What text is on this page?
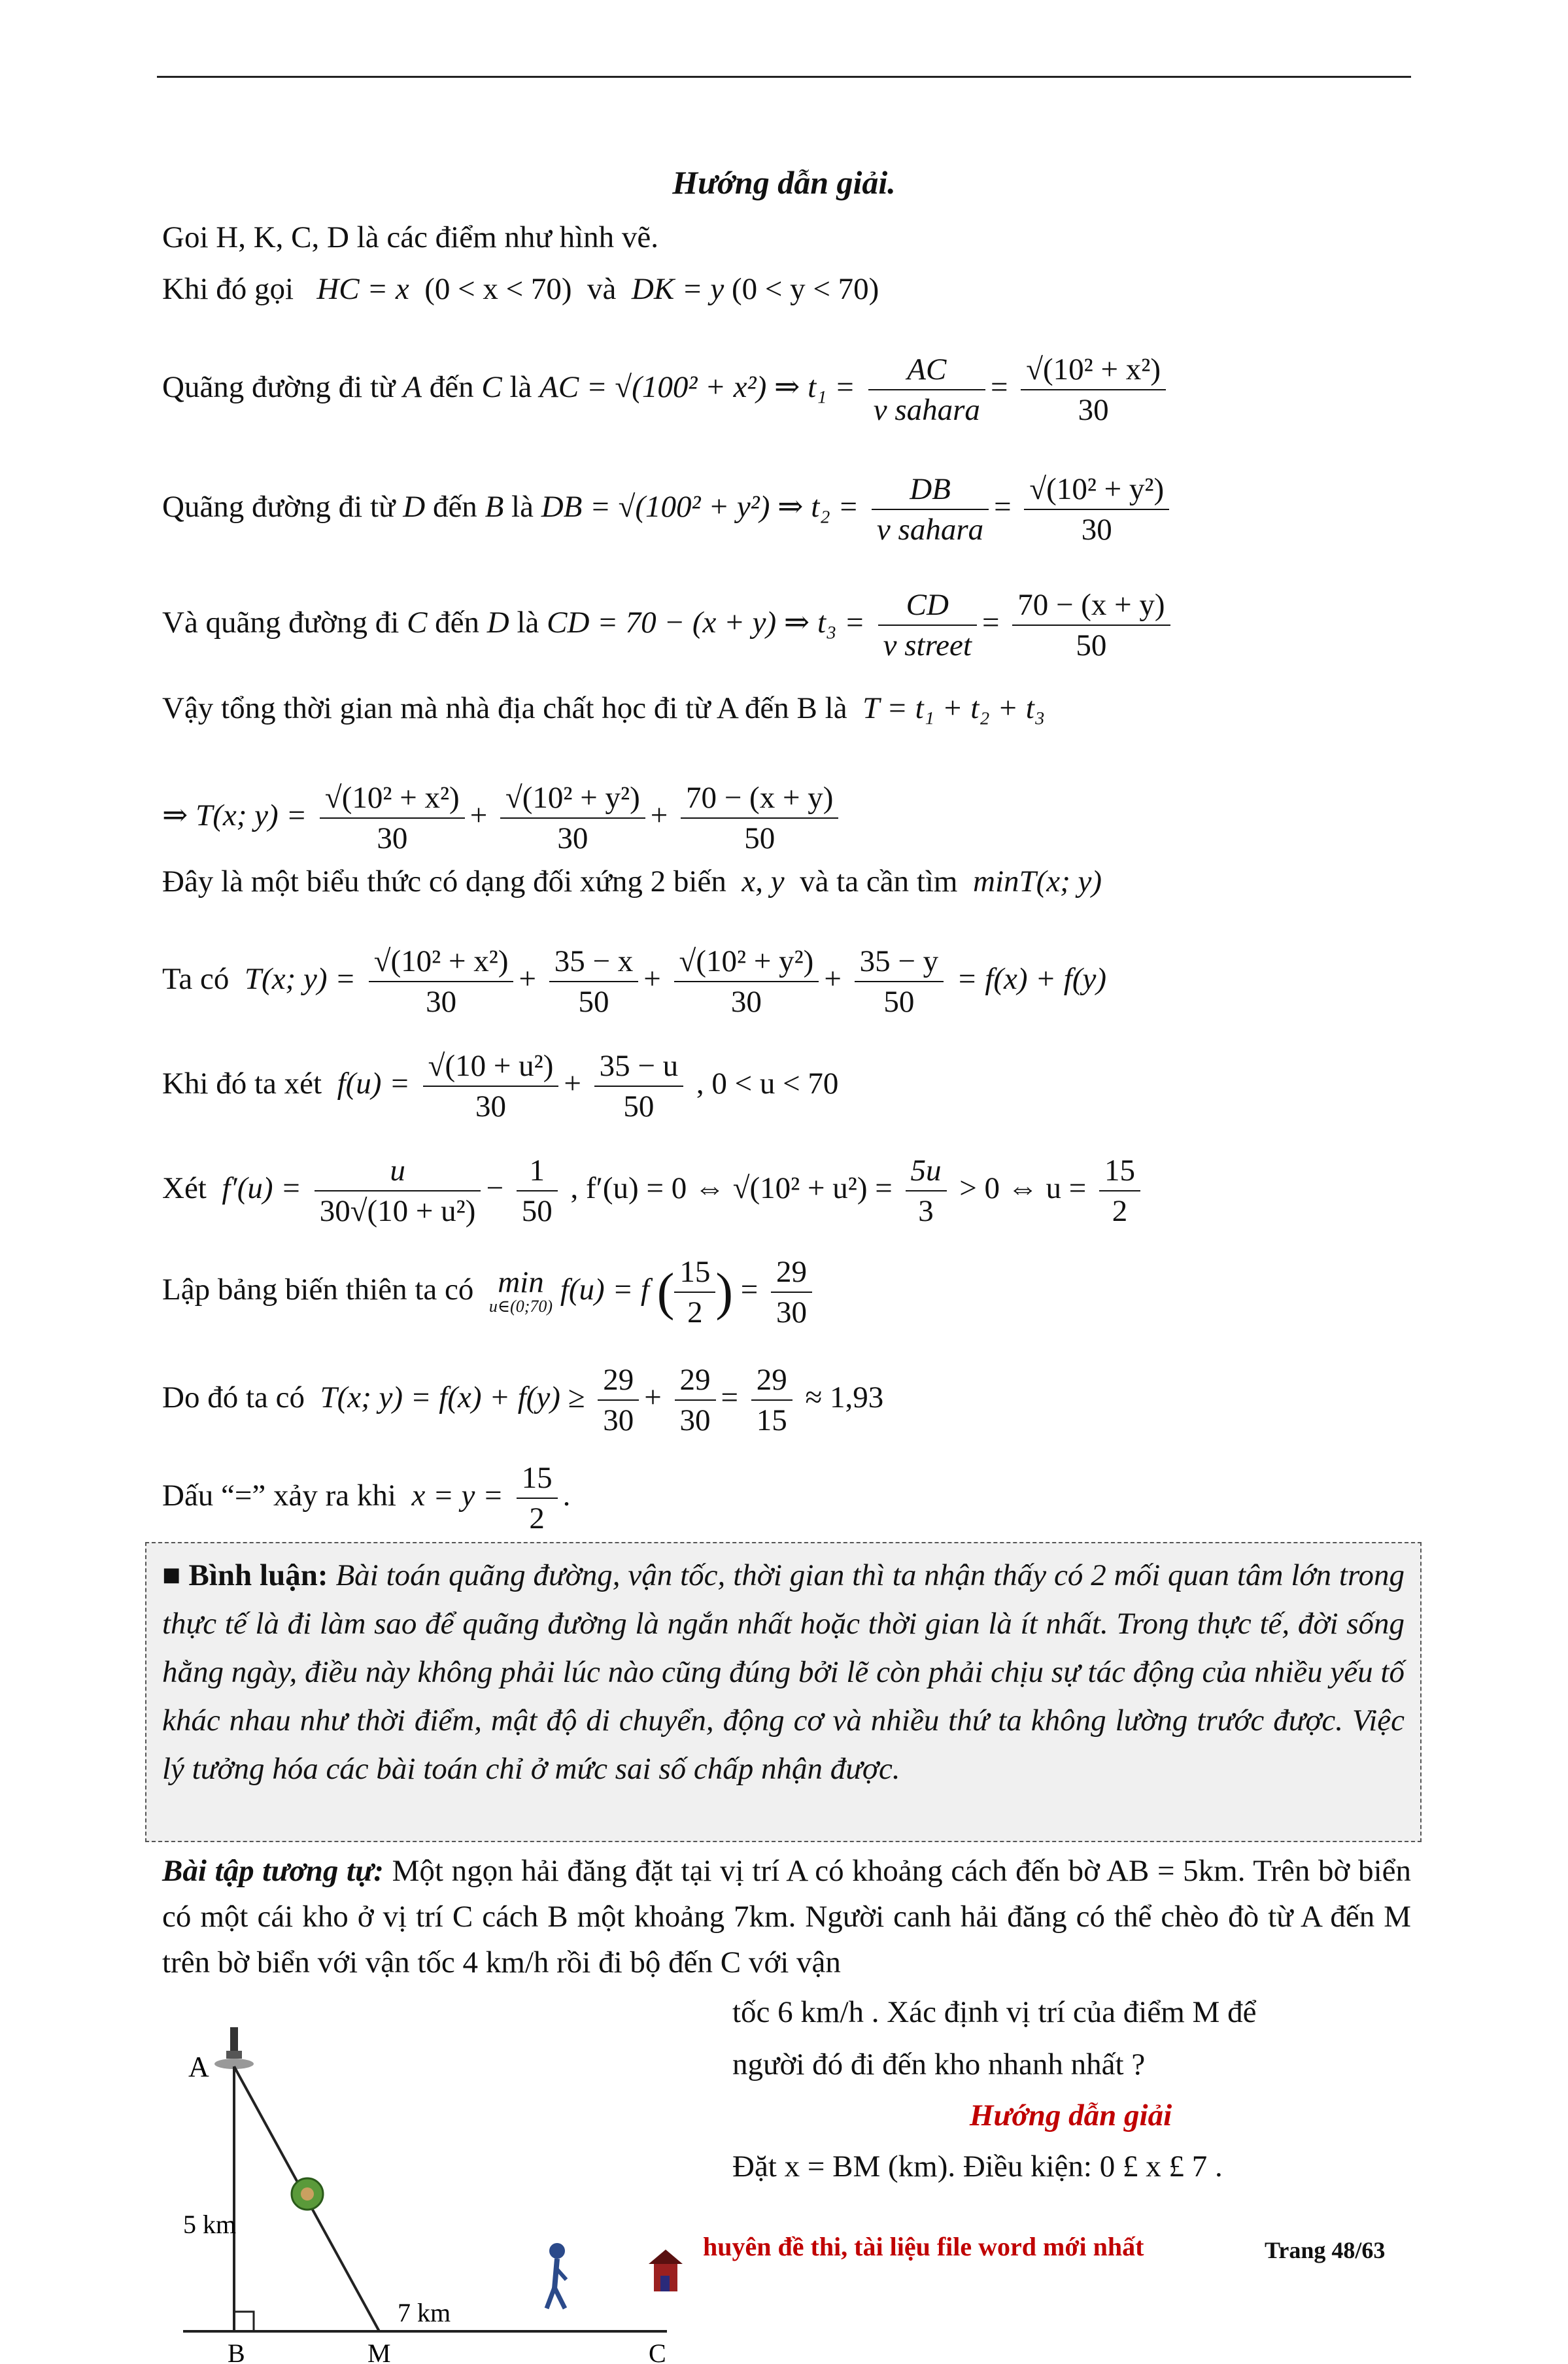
Hướng dẫn giải.
Goi H, K, C, D là các điểm như hình vẽ.
Khi đó gọi HC = x (0 < x < 70) và DK = y (0 < y < 70)
Quãng đường đi từ A đến C là AC = √(100² + x²) ⇒ $t_1 = \frac{AC}{\text{v sahara}} = \frac{\text{√(10² + x²)}}{30}$
Quãng đường đi từ D đến B là DB = √(100² + y²) ⇒ $t_2 = \frac{DB}{\text{v sahara}} = \frac{\text{√(10² + y²)}}{30}$
Và quãng đường đi C đến D là CD = 70 − (x + y) ⇒ $t_3 = \frac{CD}{\text{v street}} = \frac{70 - (x + y)}{50}$
Vậy tổng thời gian mà nhà địa chất học đi từ A đến B là T = t₁ + t₂ + t₃
⇒ T(x; $y) = \frac{\text{√(10² + x²)}}{30} + \frac{\text{√(10² + y²)}}{30} + \frac{70 - (x + y)}{50}$
Đây là một biểu thức có dạng đối xứng 2 biến x, y và ta cần tìm minT(x; y)
Ta có T(x; $y) = \frac{\text{√(10² + x²)}}{30} + \frac{35 - x}{50} + \frac{\text{√(10² + y²)}}{30} + \frac{35 - y}{50} = f(x) + f(y)$
Khi đó ta xét $f(u) = \frac{\text{√(10 + u²)}}{30} + \frac{35 - u}{50}$ , 0 < u < 70
Xét $f'(u) = \frac{u}{\text{30√(10 + u²)}} - \frac{1}{50}$ , f′(u) = 0 ⇔ $√(10^2 + u^2) = \frac{5u}{3} > 0$ ⇔ $u = \frac{15}{2}$
Lập bảng biến thiên ta có min
u∈(0;70) f(u) = f ( $\frac{15}{2}$ ) = $\frac{29}{30}$
Do đó ta có T(x; $y) = f(x) + f(y) \ge \frac{29}{30} + \frac{29}{30} = \frac{29}{15} \approx 1,93$
Dấu “=” xảy ra khi $x = y = \frac{15}{2}$ .
■ Bình luận: Bài toán quãng đường, vận tốc, thời gian thì ta nhận thấy có 2 mối quan tâm lớn trong thực tế là đi làm sao để quãng đường là ngắn nhất hoặc thời gian là ít nhất. Trong thực tế, đời sống hằng ngày, điều này không phải lúc nào cũng đúng bởi lẽ còn phải chịu sự tác động của nhiều yếu tố khác nhau như thời điểm, mật độ di chuyển, động cơ và nhiều thứ ta không lường trước được. Việc lý tưởng hóa các bài toán chỉ ở mức sai số chấp nhận được.
Bài tập tương tự: Một ngọn hải đăng đặt tại vị trí A có khoảng cách đến bờ AB = 5km. Trên bờ biển có một cái kho ở vị trí C cách B một khoảng 7km. Người canh hải đăng có thể chèo đò từ A đến M trên bờ biển với vận tốc 4 km/h rồi đi bộ đến C với vận
tốc 6 km/h . Xác định vị trí của điểm M để
người đó đi đến kho nhanh nhất ?
Hướng dẫn giải
Đặt x = BM (km). Điều kiện: 0 £ x £ 7 .
A
5 km
7 km
B	M	C
huyên đề thi, tài liệu file word mới nhất	Trang 48/63
